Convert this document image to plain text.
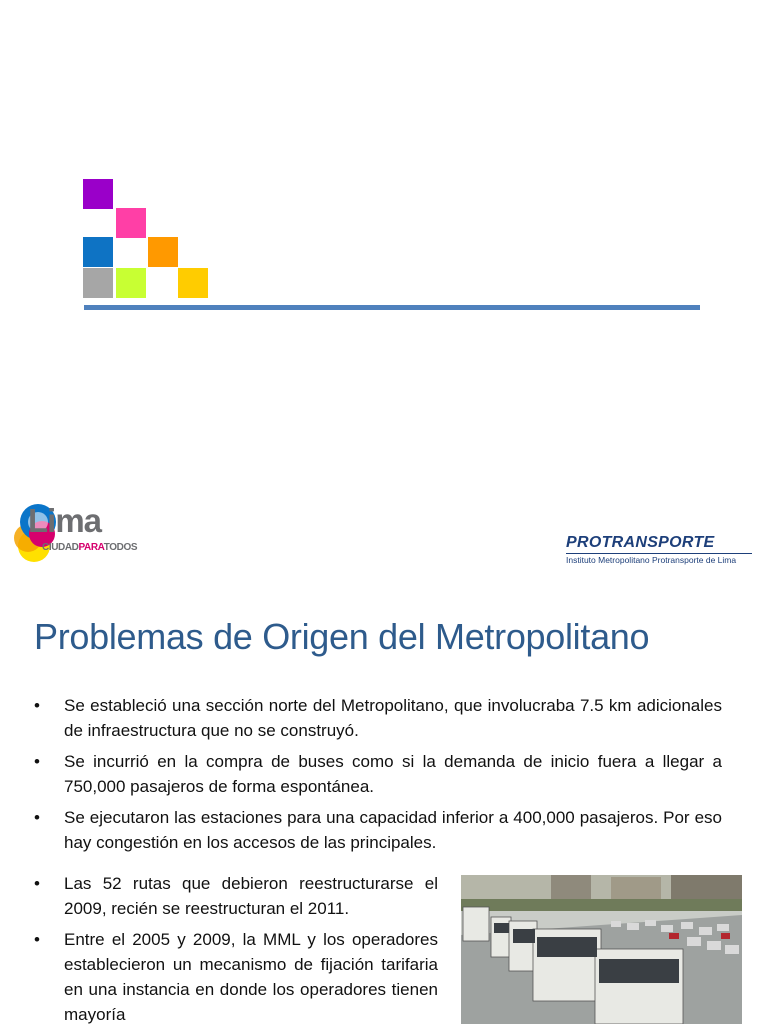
Lima
CIUDADPARATODOS	PROTRANSPORTE
Instituto Metropolitano Protransporte de Lima
Problemas de Origen del Metropolitano
• Se estableció una sección norte del Metropolitano, que involucraba 7.5 km adicionales de infraestructura que no se construyó.
• Se incurrió en la compra de buses como si la demanda de inicio fuera a llegar a 750,000 pasajeros de forma espontánea.
• Se ejecutaron las estaciones para una capacidad inferior a 400,000 pasajeros. Por eso hay congestión en los accesos de las principales.
• Las 52 rutas que debieron reestructurarse el 2009, recién se reestructuran el 2011.
• Entre el 2005 y 2009, la MML y los operadores establecieron un mecanismo de fijación tarifaria en una instancia en donde los operadores tienen mayoría
